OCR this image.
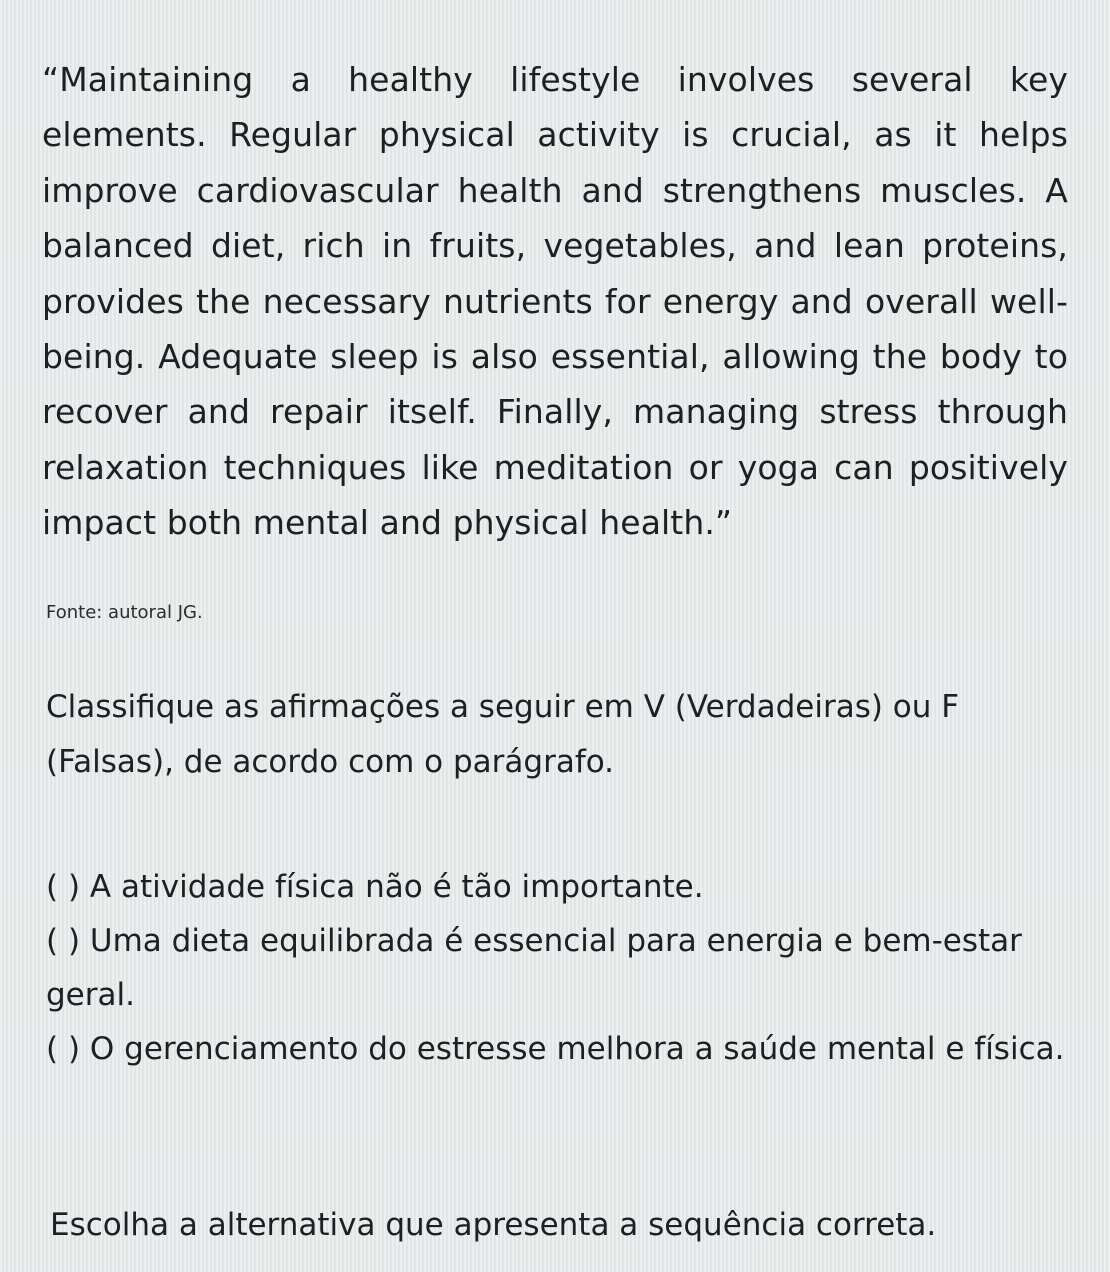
“Maintaining a healthy lifestyle involves several key elements. Regular physical activity is crucial, as it helps improve cardiovascular health and strengthens muscles. A balanced diet, rich in fruits, vegetables, and lean proteins, provides the necessary nutrients for energy and overall well-being. Adequate sleep is also essential, allowing the body to recover and repair itself. Finally, managing stress through relaxation techniques like meditation or yoga can positively impact both mental and physical health.”

Fonte: autoral JG.

Classifique as afirmações a seguir em V (Verdadeiras) ou F (Falsas), de acordo com o parágrafo.

( ) A atividade física não é tão importante.
( ) Uma dieta equilibrada é essencial para energia e bem-estar geral.
( ) O gerenciamento do estresse melhora a saúde mental e física.

Escolha a alternativa que apresenta a sequência correta.
